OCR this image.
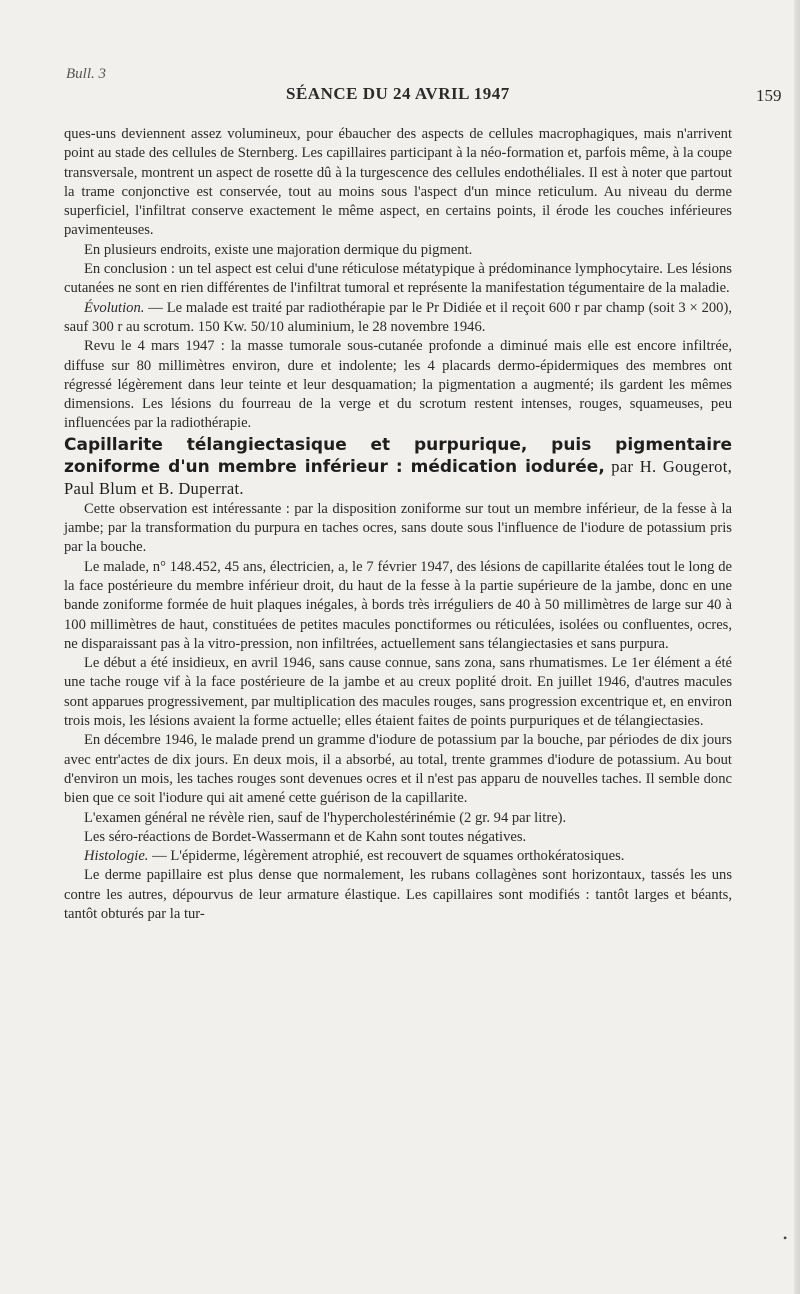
Bull. 3
SÉANCE DU 24 AVRIL 1947	159

ques-uns deviennent assez volumineux, pour ébaucher des aspects de cellules macrophagiques, mais n'arrivent point au stade des cellules de Sternberg. Les capillaires participant à la néo-formation et, parfois même, à la coupe transversale, montrent un aspect de rosette dû à la turgescence des cellules endothéliales. Il est à noter que partout la trame conjonctive est conservée, tout au moins sous l'aspect d'un mince reticulum. Au niveau du derme superficiel, l'infiltrat conserve exactement le même aspect, en certains points, il érode les couches inférieures pavimenteuses.

En plusieurs endroits, existe une majoration dermique du pigment.

En conclusion : un tel aspect est celui d'une réticulose métatypique à prédominance lymphocytaire. Les lésions cutanées ne sont en rien différentes de l'infiltrat tumoral et représente la manifestation tégumentaire de la maladie.

Évolution. — Le malade est traité par radiothérapie par le Pr Didiée et il reçoit 600 r par champ (soit 3 × 200), sauf 300 r au scrotum. 150 Kw. 50/10 aluminium, le 28 novembre 1946.

Revu le 4 mars 1947 : la masse tumorale sous-cutanée profonde a diminué mais elle est encore infiltrée, diffuse sur 80 millimètres environ, dure et indolente; les 4 placards dermo-épidermiques des membres ont régressé légèrement dans leur teinte et leur desquamation; la pigmentation a augmenté; ils gardent les mêmes dimensions. Les lésions du fourreau de la verge et du scrotum restent intenses, rouges, squameuses, peu influencées par la radiothérapie.

Capillarite télangiectasique et purpurique, puis pigmentaire zoniforme d'un membre inférieur : médication iodurée, par H. Gougerot, Paul Blum et B. Duperrat.

Cette observation est intéressante : par la disposition zoniforme sur tout un membre inférieur, de la fesse à la jambe; par la transformation du purpura en taches ocres, sans doute sous l'influence de l'iodure de potassium pris par la bouche.

Le malade, n° 148.452, 45 ans, électricien, a, le 7 février 1947, des lésions de capillarite étalées tout le long de la face postérieure du membre inférieur droit, du haut de la fesse à la partie supérieure de la jambe, donc en une bande zoniforme formée de huit plaques inégales, à bords très irréguliers de 40 à 50 millimètres de large sur 40 à 100 millimètres de haut, constituées de petites macules ponctiformes ou réticulées, isolées ou confluentes, ocres, ne disparaissant pas à la vitro-pression, non infiltrées, actuellement sans télangiectasies et sans purpura.

Le début a été insidieux, en avril 1946, sans cause connue, sans zona, sans rhumatismes. Le 1er élément a été une tache rouge vif à la face postérieure de la jambe et au creux poplité droit. En juillet 1946, d'autres macules sont apparues progressivement, par multiplication des macules rouges, sans progression excentrique et, en environ trois mois, les lésions avaient la forme actuelle; elles étaient faites de points purpuriques et de télangiectasies.

En décembre 1946, le malade prend un gramme d'iodure de potassium par la bouche, par périodes de dix jours avec entr'actes de dix jours. En deux mois, il a absorbé, au total, trente grammes d'iodure de potassium. Au bout d'environ un mois, les taches rouges sont devenues ocres et il n'est pas apparu de nouvelles taches. Il semble donc bien que ce soit l'iodure qui ait amené cette guérison de la capillarite.

L'examen général ne révèle rien, sauf de l'hypercholestérinémie (2 gr. 94 par litre).

Les séro-réactions de Bordet-Wassermann et de Kahn sont toutes négatives.

Histologie. — L'épiderme, légèrement atrophié, est recouvert de squames orthokératosiques.

Le derme papillaire est plus dense que normalement, les rubans collagènes sont horizontaux, tassés les uns contre les autres, dépourvus de leur armature élastique. Les capillaires sont modifiés : tantôt larges et béants, tantôt obturés par la tur-

•
